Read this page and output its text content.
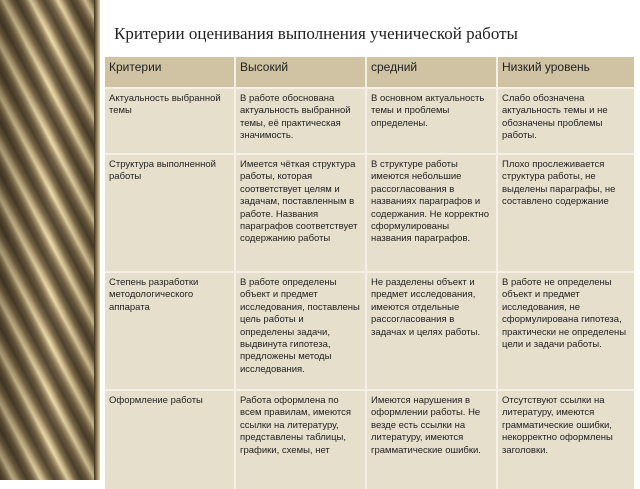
Критерии оценивания выполнения ученической работы
Критерии	Высокий	средний	Низкий уровень
Актуальность выбранной темы	В работе обоснована актуальность выбранной темы, её практическая значимость.	В основном актуальность темы и проблемы определены.	Слабо обозначена актуальность темы и не обозначены проблемы работы.
Структура выполненной работы	Имеется чёткая структура работы, которая соответствует целям и задачам, поставленным в работе. Названия параграфов соответствует содержанию работы	В структуре работы имеются небольшие рассогласования в названиях параграфов и содержания. Не корректно сформулированы названия параграфов.	Плохо прослеживается структура работы, не выделены параграфы, не составлено содержание
Степень разработки методологического аппарата	В работе определены объект и предмет исследования, поставлены цель работы и определены задачи, выдвинута гипотеза, предложены методы исследования.	Не разделены объект и предмет исследования, имеются отдельные рассогласования в задачах и целях работы.	В работе не определены объект и предмет исследования, не сформулирована гипотеза, практически не определены цели и задачи работы.
Оформление работы	Работа оформлена по всем правилам, имеются ссылки на литературу, представлены таблицы, графики, схемы, нет	Имеются нарушения в оформлении работы. Не везде есть ссылки на литературу, имеются грамматические ошибки.	Отсутствуют ссылки на литературу, имеются грамматические ошибки, некорректно оформлены заголовки.
